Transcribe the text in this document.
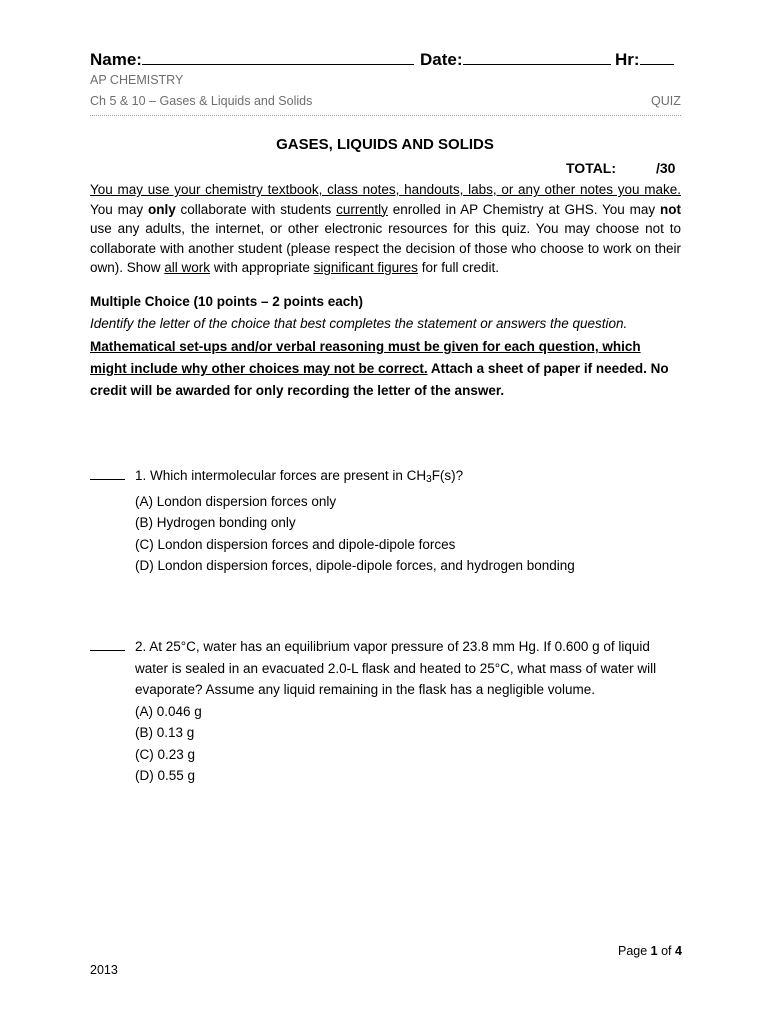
Name:	Date:	Hr:
AP CHEMISTRY
Ch 5 & 10 – Gases & Liquids and Solids	QUIZ
GASES, LIQUIDS AND SOLIDS
TOTAL:	/30
You may use your chemistry textbook, class notes, handouts, labs, or any other notes you make. You may only collaborate with students currently enrolled in AP Chemistry at GHS. You may not use any adults, the internet, or other electronic resources for this quiz. You may choose not to collaborate with another student (please respect the decision of those who choose to work on their own). Show all work with appropriate significant figures for full credit.
Multiple Choice (10 points – 2 points each)
Identify the letter of the choice that best completes the statement or answers the question.
Mathematical set-ups and/or verbal reasoning must be given for each question, which might include why other choices may not be correct. Attach a sheet of paper if needed. No credit will be awarded for only recording the letter of the answer.
1. Which intermolecular forces are present in CH3F(s)?
(A) London dispersion forces only
(B) Hydrogen bonding only
(C) London dispersion forces and dipole-dipole forces
(D) London dispersion forces, dipole-dipole forces, and hydrogen bonding
2. At 25°C, water has an equilibrium vapor pressure of 23.8 mm Hg. If 0.600 g of liquid water is sealed in an evacuated 2.0-L flask and heated to 25°C, what mass of water will evaporate? Assume any liquid remaining in the flask has a negligible volume.
(A) 0.046 g
(B) 0.13 g
(C) 0.23 g
(D) 0.55 g
Page 1 of 4
2013
